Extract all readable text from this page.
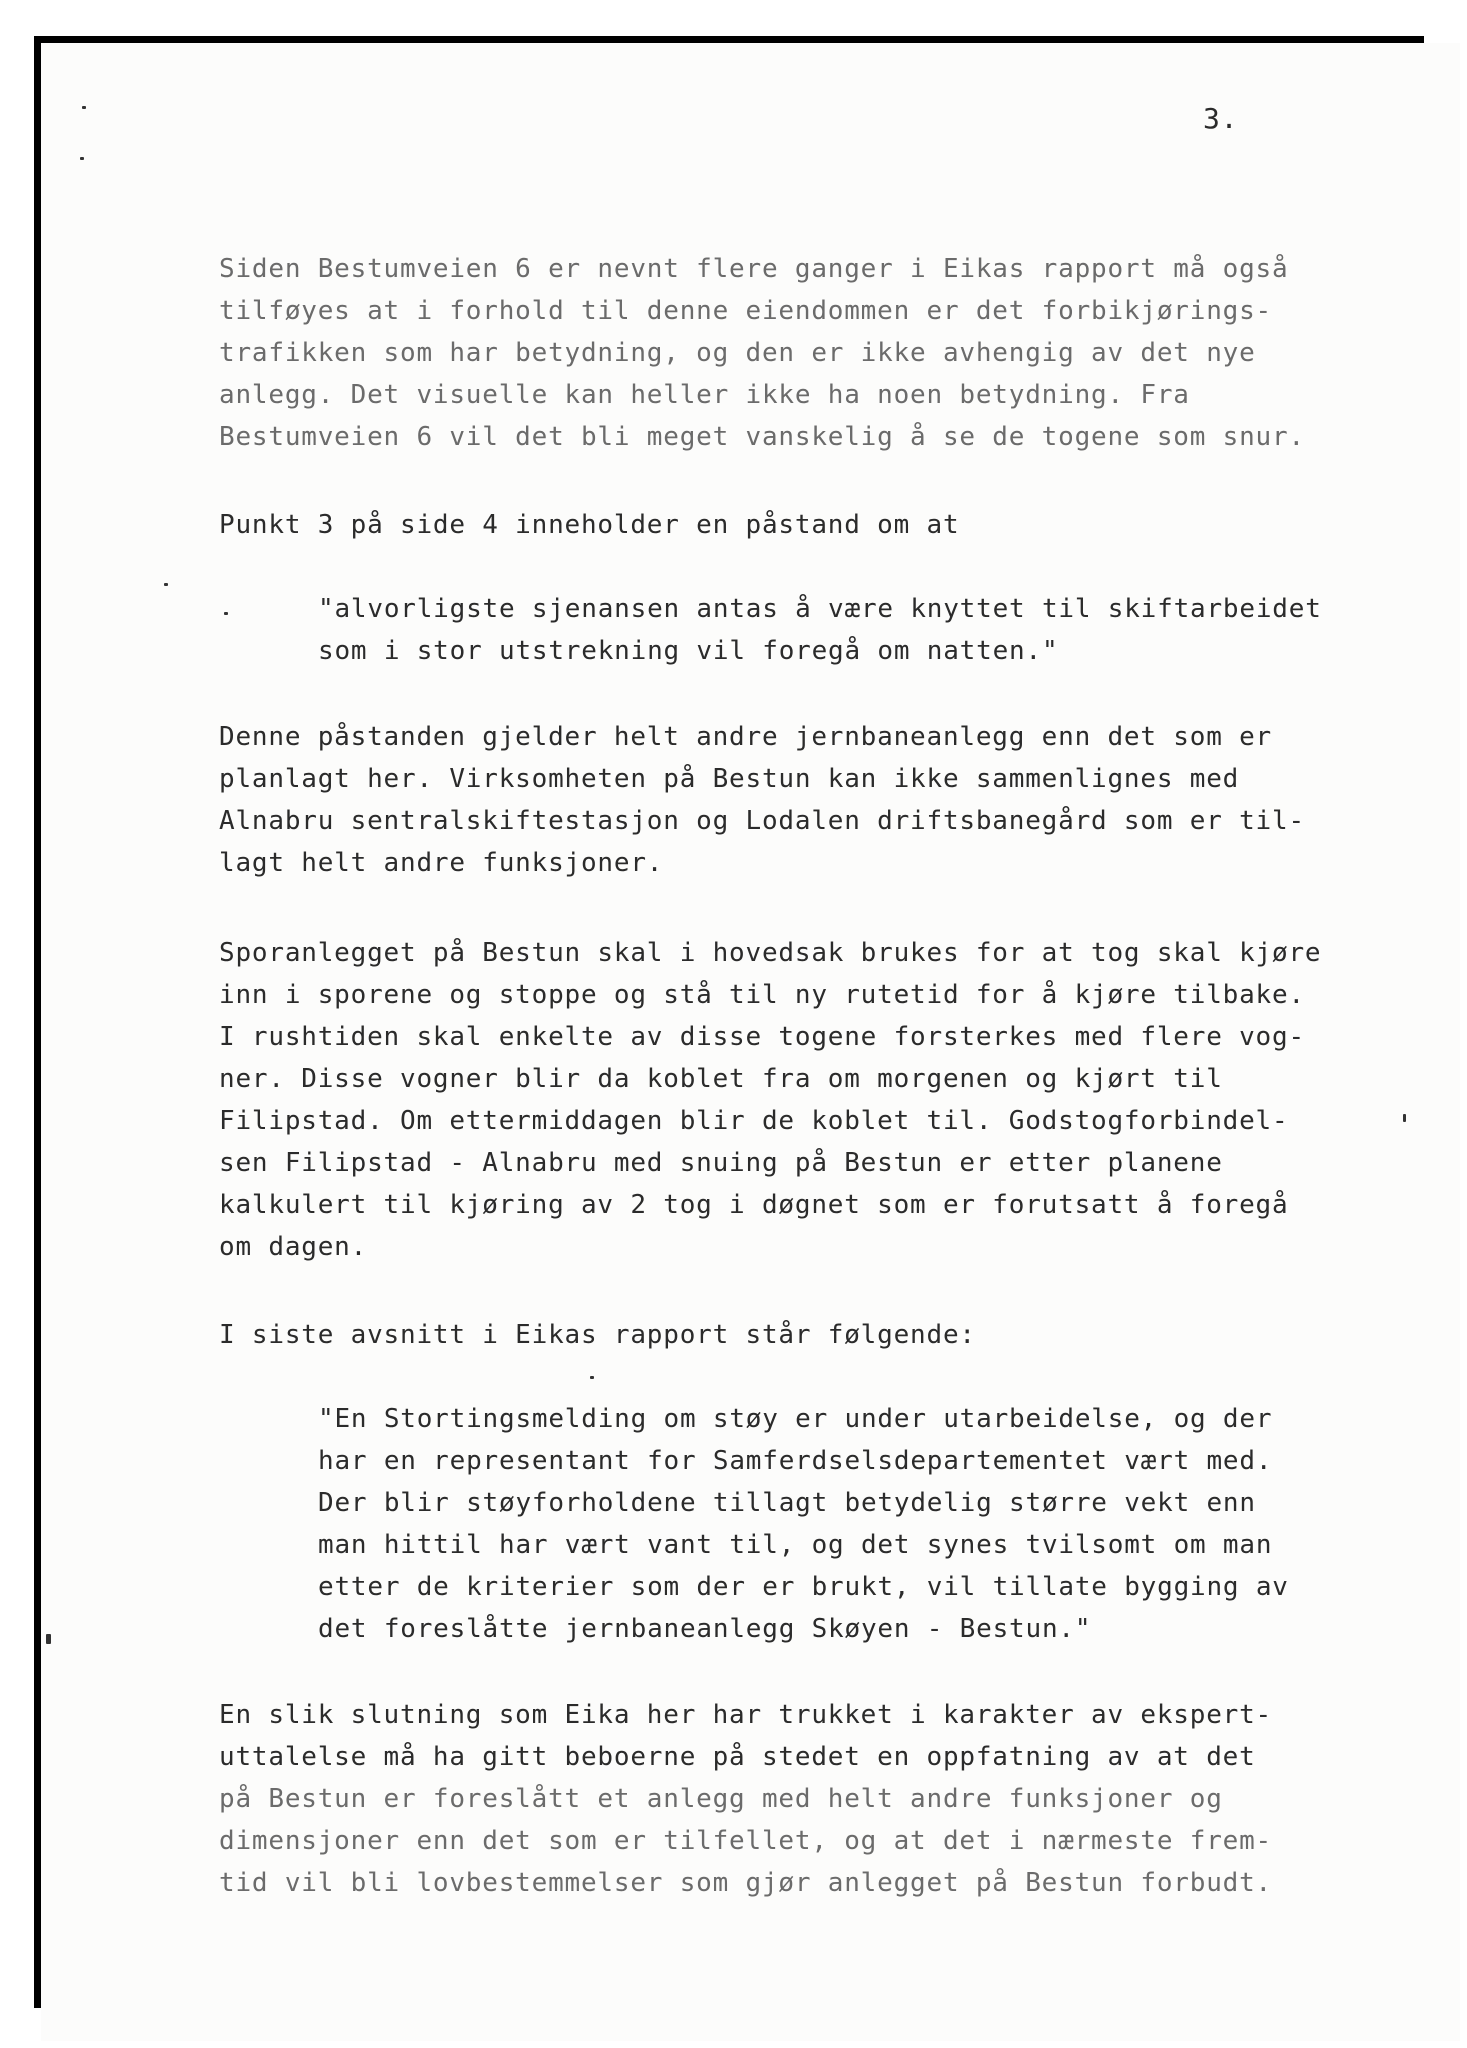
3.
Siden Bestumveien 6 er nevnt flere ganger i Eikas rapport må også
tilføyes at i forhold til denne eiendommen er det forbikjørings-
trafikken som har betydning, og den er ikke avhengig av det nye
anlegg. Det visuelle kan heller ikke ha noen betydning. Fra
Bestumveien 6 vil det bli meget vanskelig å se de togene som snur.
Punkt 3 på side 4 inneholder en påstand om at
"alvorligste sjenansen antas å være knyttet til skiftarbeidet
som i stor utstrekning vil foregå om natten."
Denne påstanden gjelder helt andre jernbaneanlegg enn det som er
planlagt her. Virksomheten på Bestun kan ikke sammenlignes med
Alnabru sentralskiftestasjon og Lodalen driftsbanegård som er til-
lagt helt andre funksjoner.
Sporanlegget på Bestun skal i hovedsak brukes for at tog skal kjøre
inn i sporene og stoppe og stå til ny rutetid for å kjøre tilbake.
I rushtiden skal enkelte av disse togene forsterkes med flere vog-
ner. Disse vogner blir da koblet fra om morgenen og kjørt til
Filipstad. Om ettermiddagen blir de koblet til. Godstogforbindel-
sen Filipstad - Alnabru med snuing på Bestun er etter planene
kalkulert til kjøring av 2 tog i døgnet som er forutsatt å foregå
om dagen.
I siste avsnitt i Eikas rapport står følgende:
"En Stortingsmelding om støy er under utarbeidelse, og der
har en representant for Samferdselsdepartementet vært med.
Der blir støyforholdene tillagt betydelig større vekt enn
man hittil har vært vant til, og det synes tvilsomt om man
etter de kriterier som der er brukt, vil tillate bygging av
det foreslåtte jernbaneanlegg Skøyen - Bestun."
En slik slutning som Eika her har trukket i karakter av ekspert-
uttalelse må ha gitt beboerne på stedet en oppfatning av at det
på Bestun er foreslått et anlegg med helt andre funksjoner og
dimensjoner enn det som er tilfellet, og at det i nærmeste frem-
tid vil bli lovbestemmelser som gjør anlegget på Bestun forbudt.
